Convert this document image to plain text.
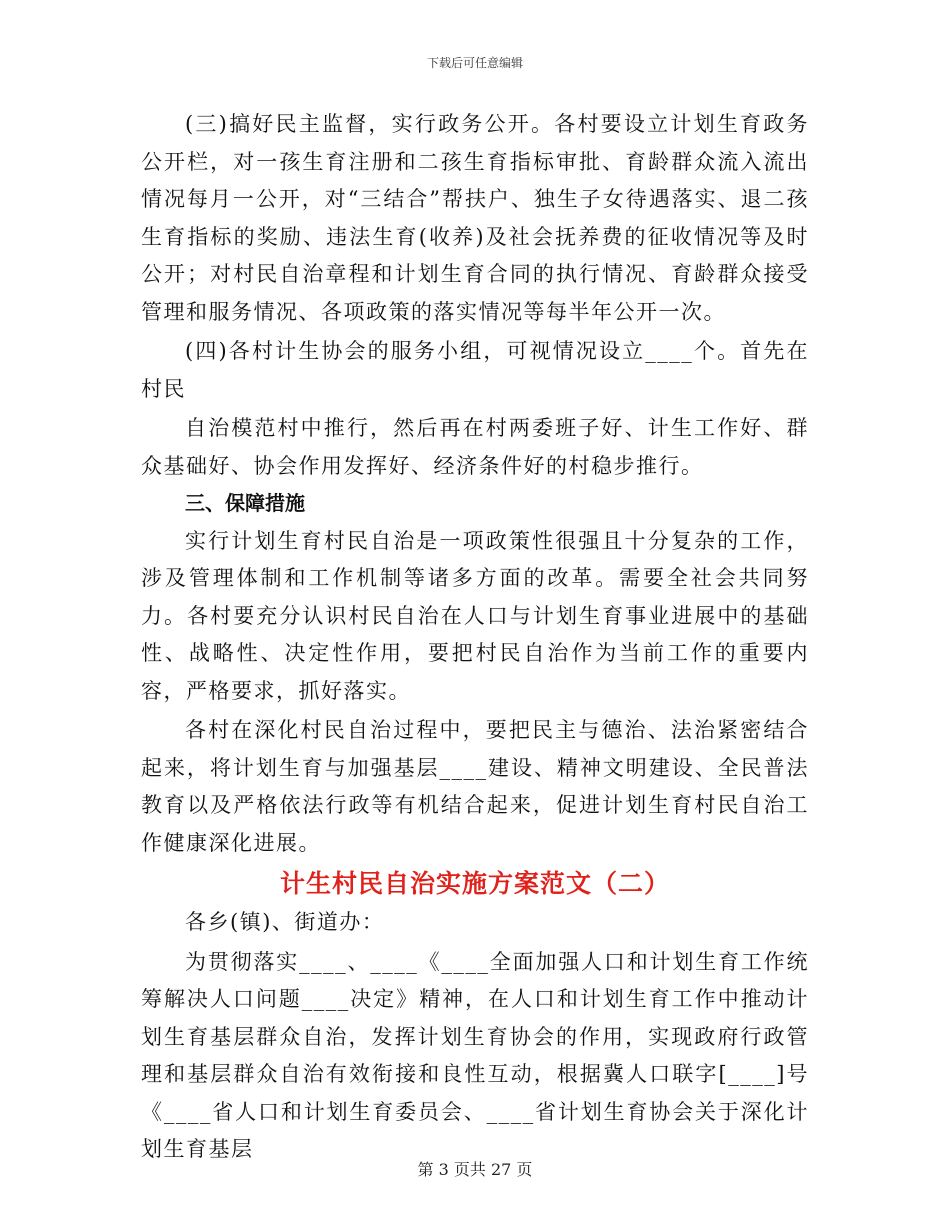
下载后可任意编辑

(三)搞好民主监督，实行政务公开。各村要设立计划生育政务公开栏，对一孩生育注册和二孩生育指标审批、育龄群众流入流出情况每月一公开，对“三结合”帮扶户、独生子女待遇落实、退二孩生育指标的奖励、违法生育(收养)及社会抚养费的征收情况等及时公开；对村民自治章程和计划生育合同的执行情况、育龄群众接受管理和服务情况、各项政策的落实情况等每半年公开一次。

(四)各村计生协会的服务小组，可视情况设立____个。首先在村民

自治模范村中推行，然后再在村两委班子好、计生工作好、群众基础好、协会作用发挥好、经济条件好的村稳步推行。

三、保障措施

实行计划生育村民自治是一项政策性很强且十分复杂的工作，涉及管理体制和工作机制等诸多方面的改革。需要全社会共同努力。各村要充分认识村民自治在人口与计划生育事业进展中的基础性、战略性、决定性作用，要把村民自治作为当前工作的重要内容，严格要求，抓好落实。

各村在深化村民自治过程中，要把民主与德治、法治紧密结合起来，将计划生育与加强基层____建设、精神文明建设、全民普法教育以及严格依法行政等有机结合起来，促进计划生育村民自治工作健康深化进展。

计生村民自治实施方案范文（二）

各乡(镇)、街道办：

为贯彻落实____、____《____全面加强人口和计划生育工作统筹解决人口问题____决定》精神，在人口和计划生育工作中推动计划生育基层群众自治，发挥计划生育协会的作用，实现政府行政管理和基层群众自治有效衔接和良性互动，根据冀人口联字[____]号《____省人口和计划生育委员会、____省计划生育协会关于深化计划生育基层

第 3 页共 27 页
